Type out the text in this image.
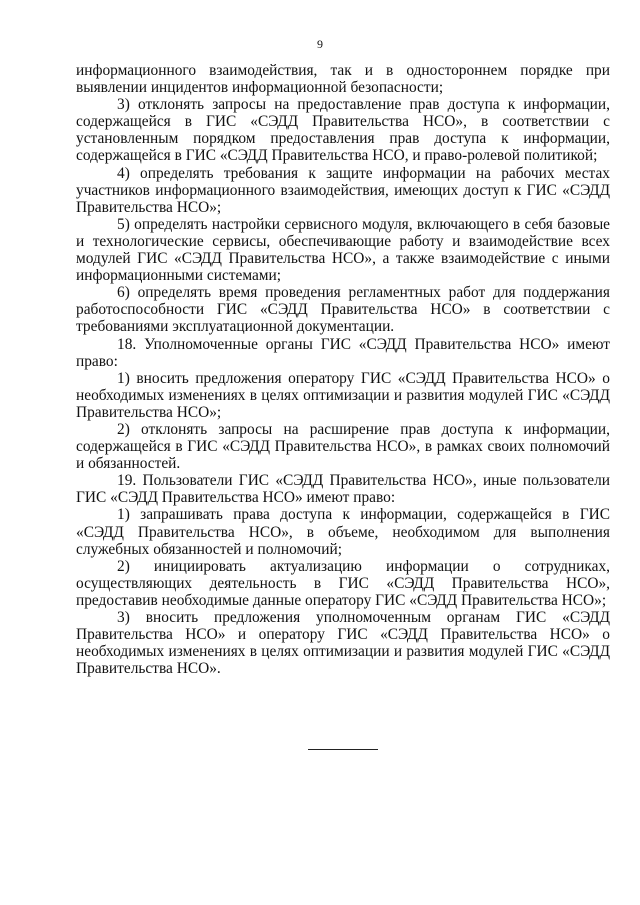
9

информационного взаимодействия, так и в одностороннем порядке при выявлении инцидентов информационной безопасности;

3) отклонять запросы на предоставление прав доступа к информации, содержащейся в ГИС «СЭДД Правительства НСО», в соответствии с установленным порядком предоставления прав доступа к информации, содержащейся в ГИС «СЭДД Правительства НСО, и право-ролевой политикой;

4) определять требования к защите информации на рабочих местах участников информационного взаимодействия, имеющих доступ к ГИС «СЭДД Правительства НСО»;

5) определять настройки сервисного модуля, включающего в себя базовые и технологические сервисы, обеспечивающие работу и взаимодействие всех модулей ГИС «СЭДД Правительства НСО», а также взаимодействие с иными информационными системами;

6) определять время проведения регламентных работ для поддержания работоспособности ГИС «СЭДД Правительства НСО» в соответствии с требованиями эксплуатационной документации.

18. Уполномоченные органы ГИС «СЭДД Правительства НСО» имеют право:

1) вносить предложения оператору ГИС «СЭДД Правительства НСО» о необходимых изменениях в целях оптимизации и развития модулей ГИС «СЭДД Правительства НСО»;

2) отклонять запросы на расширение прав доступа к информации, содержащейся в ГИС «СЭДД Правительства НСО», в рамках своих полномочий и обязанностей.

19. Пользователи ГИС «СЭДД Правительства НСО», иные пользователи ГИС «СЭДД Правительства НСО» имеют право:

1) запрашивать права доступа к информации, содержащейся в ГИС «СЭДД Правительства НСО», в объеме, необходимом для выполнения служебных обязанностей и полномочий;

2) инициировать актуализацию информации о сотрудниках, осуществляющих деятельность в ГИС «СЭДД Правительства НСО», предоставив необходимые данные оператору ГИС «СЭДД Правительства НСО»;

3) вносить предложения уполномоченным органам ГИС «СЭДД Правительства НСО» и оператору ГИС «СЭДД Правительства НСО» о необходимых изменениях в целях оптимизации и развития модулей ГИС «СЭДД Правительства НСО».
